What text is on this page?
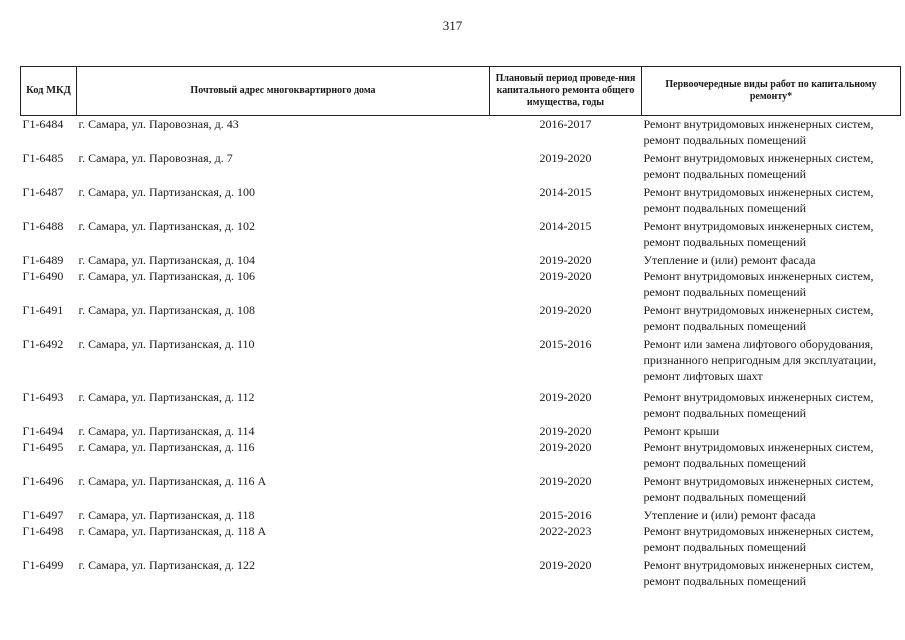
317
Код МКД	Почтовый адрес многоквартирного дома	Плановый период проведе-ния капитального ремонта общего имущества, годы	Первоочередные виды работ по капитальному ремонту*
Г1-6484	г. Самара, ул. Паровозная, д. 43	2016-2017	Ремонт внутридомовых инженерных систем, ремонт подвальных помещений
Г1-6485	г. Самара, ул. Паровозная, д. 7	2019-2020	Ремонт внутридомовых инженерных систем, ремонт подвальных помещений
Г1-6487	г. Самара, ул. Партизанская, д. 100	2014-2015	Ремонт внутридомовых инженерных систем, ремонт подвальных помещений
Г1-6488	г. Самара, ул. Партизанская, д. 102	2014-2015	Ремонт внутридомовых инженерных систем, ремонт подвальных помещений
Г1-6489	г. Самара, ул. Партизанская, д. 104	2019-2020	Утепление и (или) ремонт фасада
Г1-6490	г. Самара, ул. Партизанская, д. 106	2019-2020	Ремонт внутридомовых инженерных систем, ремонт подвальных помещений
Г1-6491	г. Самара, ул. Партизанская, д. 108	2019-2020	Ремонт внутридомовых инженерных систем, ремонт подвальных помещений
Г1-6492	г. Самара, ул. Партизанская, д. 110	2015-2016	Ремонт или замена лифтового оборудования, признанного непригодным для эксплуатации, ремонт лифтовых шахт
Г1-6493	г. Самара, ул. Партизанская, д. 112	2019-2020	Ремонт внутридомовых инженерных систем, ремонт подвальных помещений
Г1-6494	г. Самара, ул. Партизанская, д. 114	2019-2020	Ремонт крыши
Г1-6495	г. Самара, ул. Партизанская, д. 116	2019-2020	Ремонт внутридомовых инженерных систем, ремонт подвальных помещений
Г1-6496	г. Самара, ул. Партизанская, д. 116 А	2019-2020	Ремонт внутридомовых инженерных систем, ремонт подвальных помещений
Г1-6497	г. Самара, ул. Партизанская, д. 118	2015-2016	Утепление и (или) ремонт фасада
Г1-6498	г. Самара, ул. Партизанская, д. 118 А	2022-2023	Ремонт внутридомовых инженерных систем, ремонт подвальных помещений
Г1-6499	г. Самара, ул. Партизанская, д. 122	2019-2020	Ремонт внутридомовых инженерных систем, ремонт подвальных помещений
